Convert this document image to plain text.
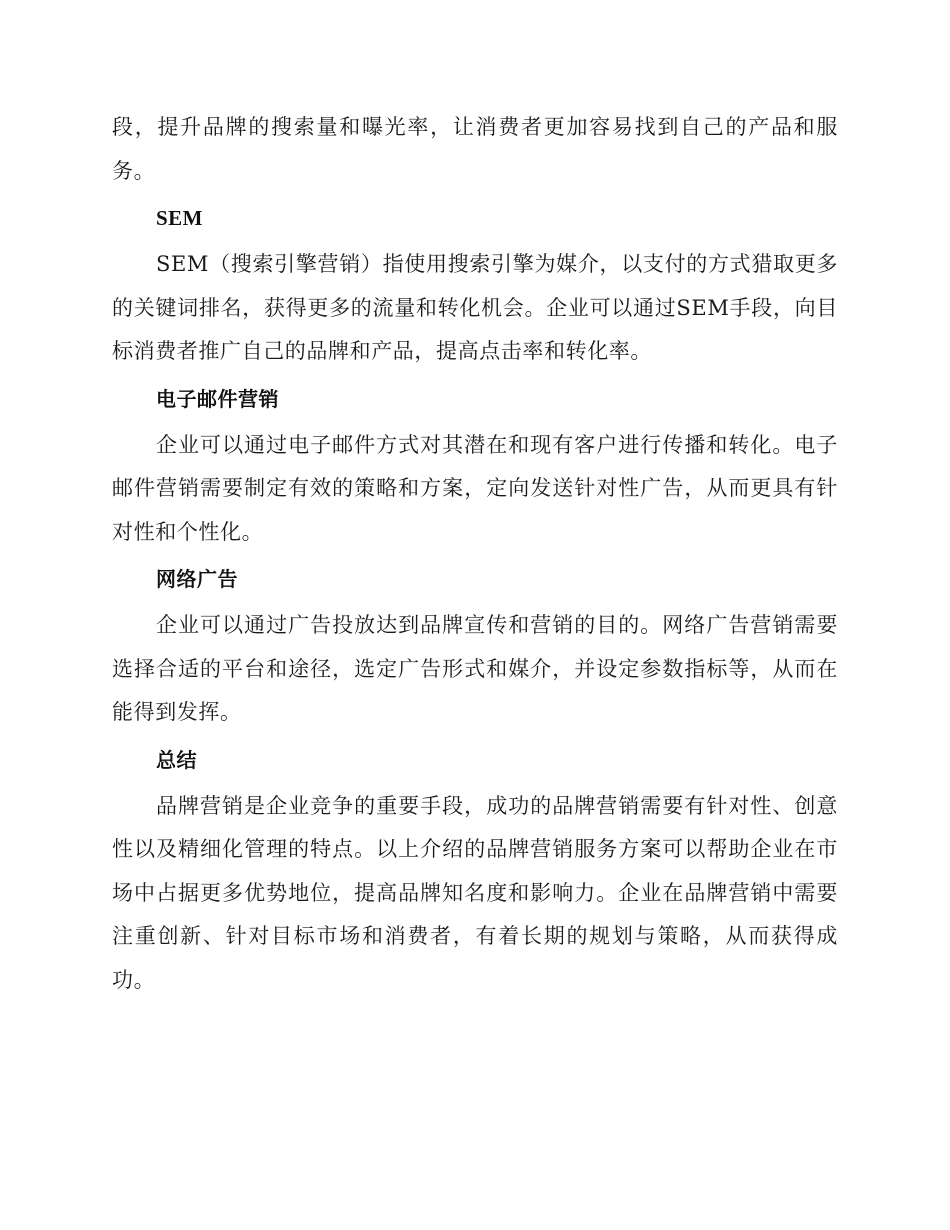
段，提升品牌的搜索量和曝光率，让消费者更加容易找到自己的产品和服务。

SEM

SEM（搜索引擎营销）指使用搜索引擎为媒介，以支付的方式猎取更多的关键词排名，获得更多的流量和转化机会。企业可以通过SEM手段，向目标消费者推广自己的品牌和产品，提高点击率和转化率。

电子邮件营销

企业可以通过电子邮件方式对其潜在和现有客户进行传播和转化。电子邮件营销需要制定有效的策略和方案，定向发送针对性广告，从而更具有针对性和个性化。

网络广告

企业可以通过广告投放达到品牌宣传和营销的目的。网络广告营销需要选择合适的平台和途径，选定广告形式和媒介，并设定参数指标等，从而在能得到发挥。

总结

品牌营销是企业竞争的重要手段，成功的品牌营销需要有针对性、创意性以及精细化管理的特点。以上介绍的品牌营销服务方案可以帮助企业在市场中占据更多优势地位，提高品牌知名度和影响力。企业在品牌营销中需要注重创新、针对目标市场和消费者，有着长期的规划与策略，从而获得成功。
